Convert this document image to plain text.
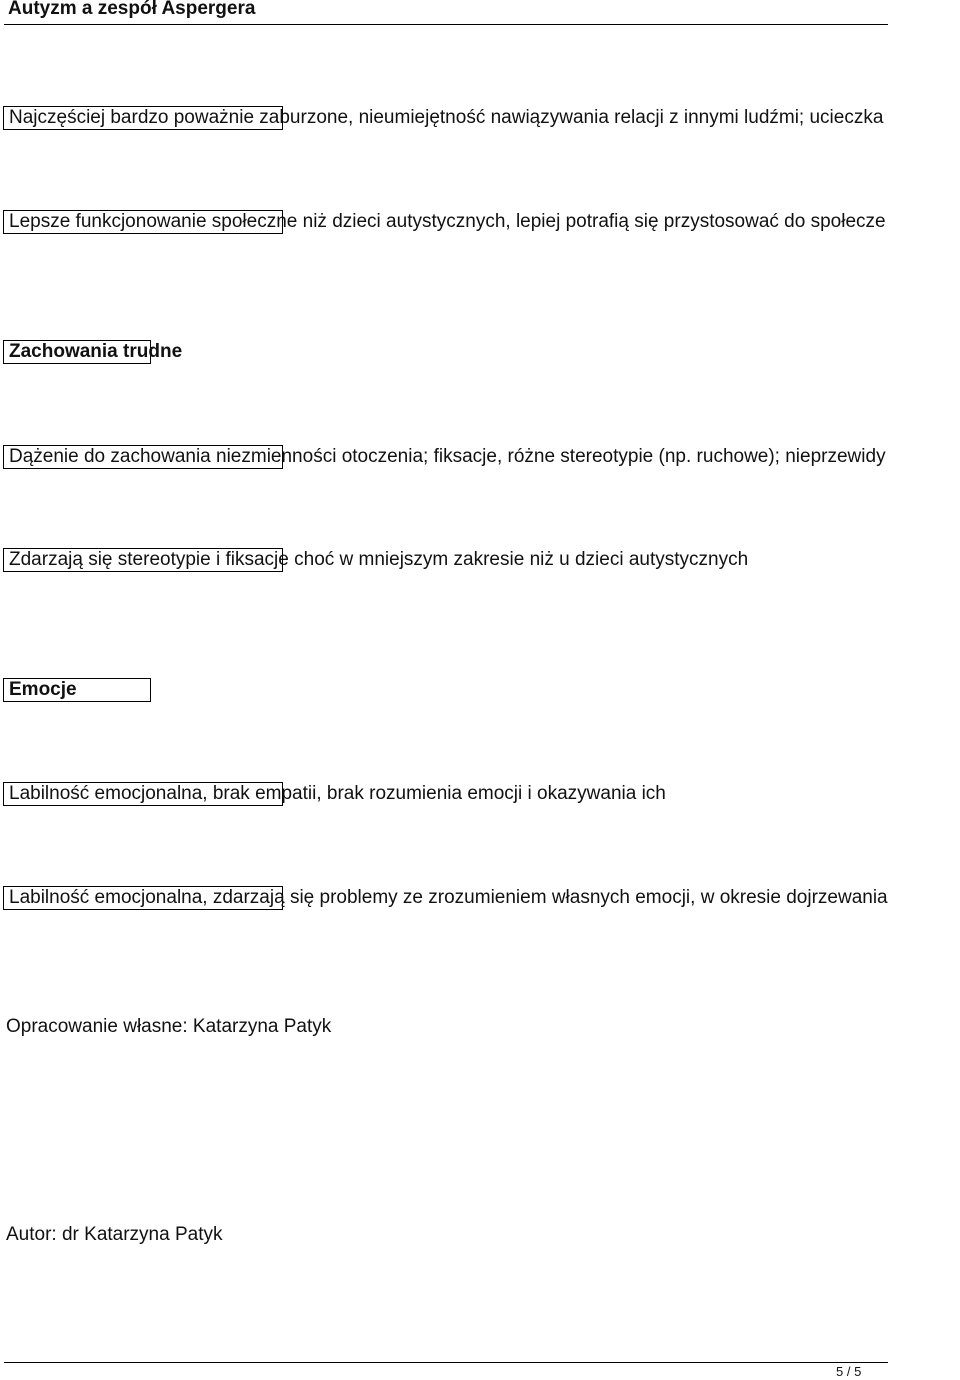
Autyzm a zespół Aspergera
Najczęściej bardzo poważnie zaburzone, nieumiejętność nawiązywania relacji z innymi ludźmi; ucieczka
Lepsze funkcjonowanie społeczne niż dzieci autystycznych, lepiej potrafią się przystosować do społecze
Zachowania trudne
Dążenie do zachowania niezmienności otoczenia; fiksacje, różne stereotypie (np. ruchowe); nieprzewidy
Zdarzają się stereotypie i fiksacje choć w mniejszym zakresie niż u dzieci autystycznych
Emocje
Labilność emocjonalna, brak empatii, brak rozumienia emocji i okazywania ich
Labilność emocjonalna, zdarzają się problemy ze zrozumieniem własnych emocji, w okresie dojrzewania
Opracowanie własne: Katarzyna Patyk
Autor: dr Katarzyna Patyk
5 / 5
